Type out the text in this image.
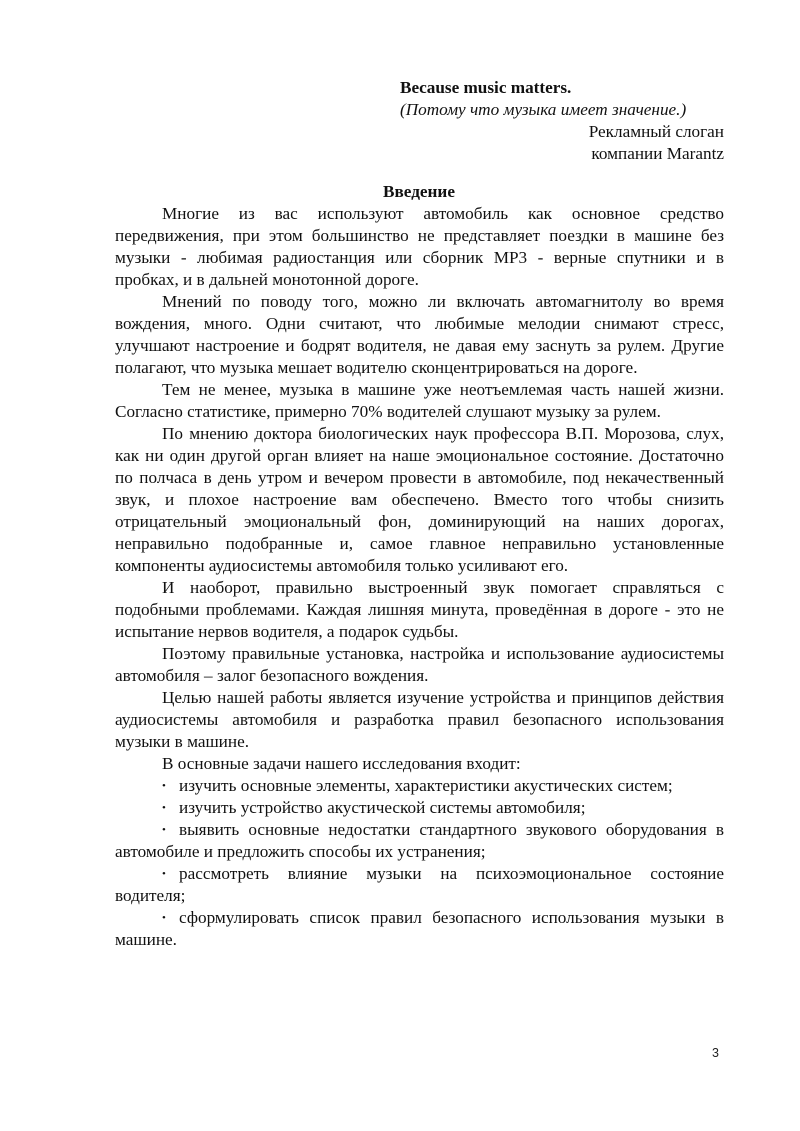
Because music matters.
(Потому что музыка имеет значение.)
Рекламный слоган
компании Marantz
Введение

Многие из вас используют автомобиль как основное средство передвижения, при этом большинство не представляет поездки в машине без музыки - любимая радиостанция или сборник MP3 - верные спутники и в пробках, и в дальней монотонной дороге.

Мнений по поводу того, можно ли включать автомагнитолу во время вождения, много. Одни считают, что любимые мелодии снимают стресс, улучшают настроение и бодрят водителя, не давая ему заснуть за рулем. Другие полагают, что музыка мешает водителю сконцентрироваться на дороге.

Тем не менее, музыка в машине уже неотъемлемая часть нашей жизни. Согласно статистике, примерно 70% водителей слушают музыку за рулем.

По мнению доктора биологических наук профессора В.П. Морозова, слух, как ни один другой орган влияет на наше эмоциональное состояние. Достаточно по полчаса в день утром и вечером провести в автомобиле, под некачественный звук, и плохое настроение вам обеспечено. Вместо того чтобы снизить отрицательный эмоциональный фон, доминирующий на наших дорогах, неправильно подобранные и, самое главное неправильно установленные компоненты аудиосистемы автомобиля только усиливают его.

И наоборот, правильно выстроенный звук помогает справляться с подобными проблемами. Каждая лишняя минута, проведённая в дороге - это не испытание нервов водителя, а подарок судьбы.

Поэтому правильные установка, настройка и использование аудиосистемы автомобиля – залог безопасного вождения.

Целью нашей работы является изучение устройства и принципов действия аудиосистемы автомобиля и разработка правил безопасного использования музыки в машине.

В основные задачи нашего исследования входит:

• изучить основные элементы, характеристики акустических систем;
• изучить устройство акустической системы автомобиля;
• выявить основные недостатки стандартного звукового оборудования в автомобиле и предложить способы их устранения;
• рассмотреть влияние музыки на психоэмоциональное состояние водителя;
• сформулировать список правил безопасного использования музыки в машине.
3
